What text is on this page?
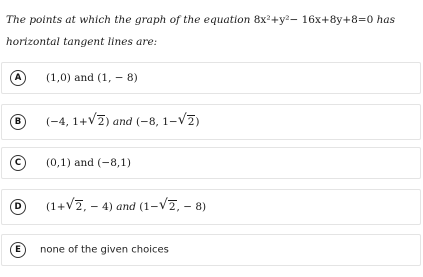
The points at which the graph of the equation 8x²+y²− 16x+8y+8=0 has
horizontal tangent lines are:
A	(1,0) and (1, − 8)
B	(−4, 1+ √ 2) and (−8, 1− √ 2)
C	(0,1) and (−8,1)
D	(1+ √ 2, − 4) and (1− √ 2, − 8)
E	none of the given choices
